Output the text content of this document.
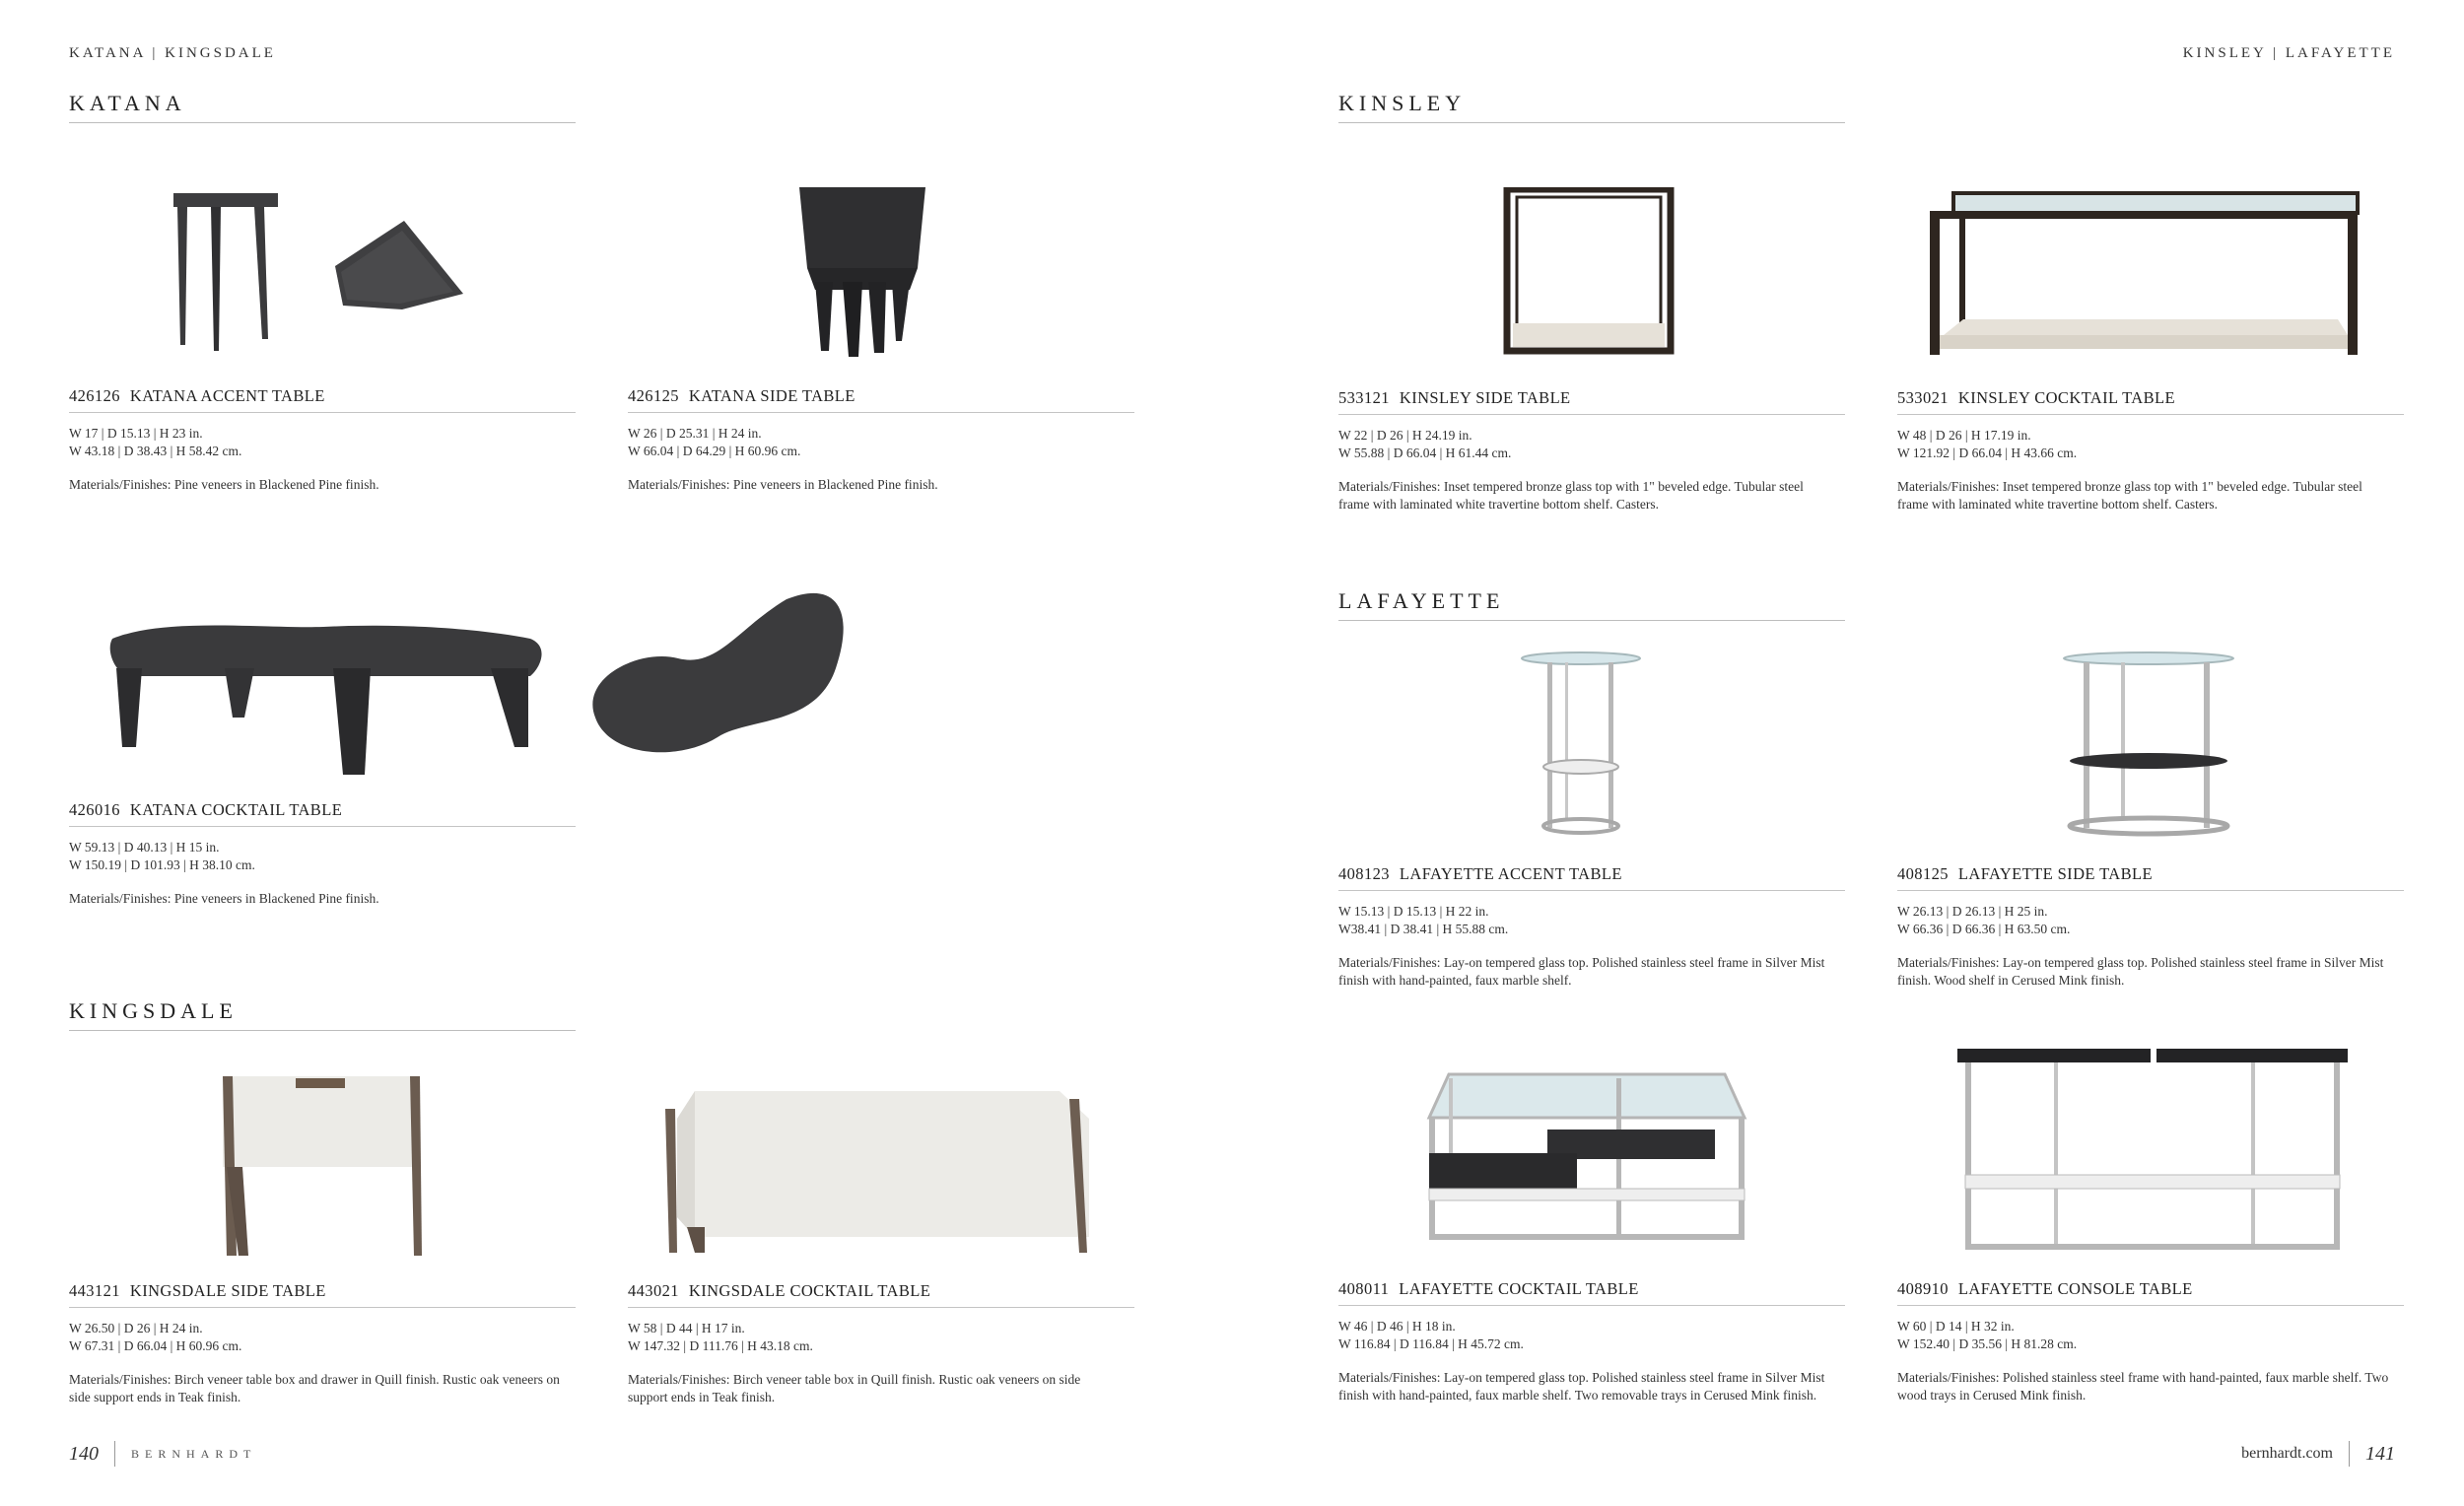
KATANA | KINGSDALE	KINSLEY | LAFAYETTE
KATANA
KINGSDALE
KINSLEY
LAFAYETTE
426126 KATANA ACCENT TABLE
W 17 | D 15.13 | H 23 in.
W 43.18 | D 38.43 | H 58.42 cm.
Materials/Finishes: Pine veneers in Blackened Pine finish.
426125 KATANA SIDE TABLE
W 26 | D 25.31 | H 24 in.
W 66.04 | D 64.29 | H 60.96 cm.
Materials/Finishes: Pine veneers in Blackened Pine finish.
426016 KATANA COCKTAIL TABLE
W 59.13 | D 40.13 | H 15 in.
W 150.19 | D 101.93 | H 38.10 cm.
Materials/Finishes: Pine veneers in Blackened Pine finish.
443121 KINGSDALE SIDE TABLE
W 26.50 | D 26 | H 24 in.
W 67.31 | D 66.04 | H 60.96 cm.
Materials/Finishes: Birch veneer table box and drawer in Quill finish. Rustic oak veneers on side support ends in Teak finish.
443021 KINGSDALE COCKTAIL TABLE
W 58 | D 44 | H 17 in.
W 147.32 | D 111.76 | H 43.18 cm.
Materials/Finishes: Birch veneer table box in Quill finish. Rustic oak veneers on side support ends in Teak finish.
533121 KINSLEY SIDE TABLE
W 22 | D 26 | H 24.19 in.
W 55.88 | D 66.04 | H 61.44 cm.
Materials/Finishes: Inset tempered bronze glass top with 1" beveled edge. Tubular steel frame with laminated white travertine bottom shelf. Casters.
533021 KINSLEY COCKTAIL TABLE
W 48 | D 26 | H 17.19 in.
W 121.92 | D 66.04 | H 43.66 cm.
Materials/Finishes: Inset tempered bronze glass top with 1" beveled edge. Tubular steel frame with laminated white travertine bottom shelf. Casters.
408123 LAFAYETTE ACCENT TABLE
W 15.13 | D 15.13 | H 22 in.
W38.41 | D 38.41 | H 55.88 cm.
Materials/Finishes: Lay-on tempered glass top. Polished stainless steel frame in Silver Mist finish with hand-painted, faux marble shelf.
408125 LAFAYETTE SIDE TABLE
W 26.13 | D 26.13 | H 25 in.
W 66.36 | D 66.36 | H 63.50 cm.
Materials/Finishes: Lay-on tempered glass top. Polished stainless steel frame in Silver Mist finish. Wood shelf in Cerused Mink finish.
408011 LAFAYETTE COCKTAIL TABLE
W 46 | D 46 | H 18 in.
W 116.84 | D 116.84 | H 45.72 cm.
Materials/Finishes: Lay-on tempered glass top. Polished stainless steel frame in Silver Mist finish with hand-painted, faux marble shelf. Two removable trays in Cerused Mink finish.
408910 LAFAYETTE CONSOLE TABLE
W 60 | D 14 | H 32 in.
W 152.40 | D 35.56 | H 81.28 cm.
Materials/Finishes: Polished stainless steel frame with hand-painted, faux marble shelf. Two wood trays in Cerused Mink finish.
140	BERNHARDT	bernhardt.com 141
